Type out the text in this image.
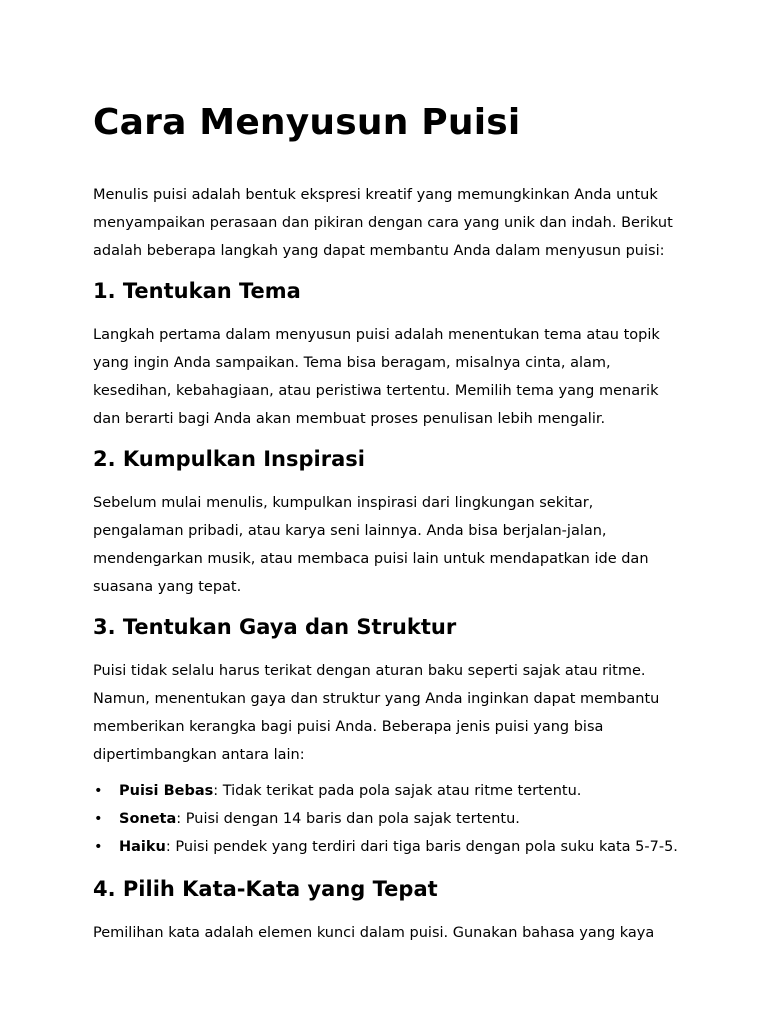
Cara Menyusun Puisi

Menulis puisi adalah bentuk ekspresi kreatif yang memungkinkan Anda untuk menyampaikan perasaan dan pikiran dengan cara yang unik dan indah. Berikut adalah beberapa langkah yang dapat membantu Anda dalam menyusun puisi:

1. Tentukan Tema

Langkah pertama dalam menyusun puisi adalah menentukan tema atau topik yang ingin Anda sampaikan. Tema bisa beragam, misalnya cinta, alam, kesedihan, kebahagiaan, atau peristiwa tertentu. Memilih tema yang menarik dan berarti bagi Anda akan membuat proses penulisan lebih mengalir.

2. Kumpulkan Inspirasi

Sebelum mulai menulis, kumpulkan inspirasi dari lingkungan sekitar, pengalaman pribadi, atau karya seni lainnya. Anda bisa berjalan-jalan, mendengarkan musik, atau membaca puisi lain untuk mendapatkan ide dan suasana yang tepat.

3. Tentukan Gaya dan Struktur

Puisi tidak selalu harus terikat dengan aturan baku seperti sajak atau ritme. Namun, menentukan gaya dan struktur yang Anda inginkan dapat membantu memberikan kerangka bagi puisi Anda. Beberapa jenis puisi yang bisa dipertimbangkan antara lain:

• Puisi Bebas: Tidak terikat pada pola sajak atau ritme tertentu.
• Soneta: Puisi dengan 14 baris dan pola sajak tertentu.
• Haiku: Puisi pendek yang terdiri dari tiga baris dengan pola suku kata 5-7-5.
4. Pilih Kata-Kata yang Tepat

Pemilihan kata adalah elemen kunci dalam puisi. Gunakan bahasa yang kaya
